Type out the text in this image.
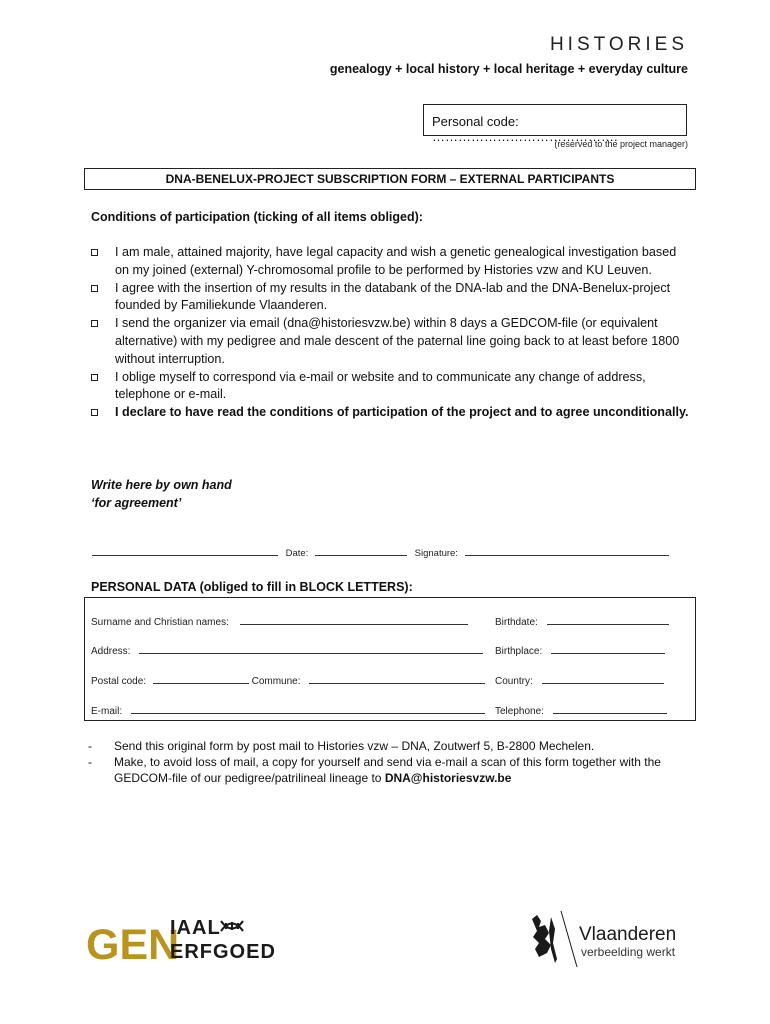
HISTORIES
genealogy + local history + local heritage + everyday culture
Personal code: …………………………………….
(reserved to the project manager)
DNA-BENELUX-PROJECT SUBSCRIPTION FORM – EXTERNAL PARTICIPANTS
Conditions of participation (ticking of all items obliged):
I am male, attained majority, have legal capacity and wish a genetic genealogical investigation based on my joined (external) Y-chromosomal profile to be performed by Histories vzw and KU Leuven.
I agree with the insertion of my results in the databank of the DNA-lab and the DNA-Benelux-project founded by Familiekunde Vlaanderen.
I send the organizer via email (dna@historiesvzw.be) within 8 days a GEDCOM-file (or equivalent alternative) with my pedigree and male descent of the paternal line going back to at least before 1800 without interruption.
I oblige myself to correspond via e-mail or website and to communicate any change of address, telephone or e-mail.
I declare to have read the conditions of participation of the project and to agree unconditionally.
Write here by own hand
‘for agreement’
Date:	Signature:
PERSONAL DATA (obliged to fill in BLOCK LETTERS):
Surname and Christian names:	Birthdate:
Address:	Birthplace:
Postal code:	Commune:	Country:
E-mail:	Telephone:
- Send this original form by post mail to Histories vzw – DNA, Zoutwerf 5, B-2800 Mechelen.
- Make, to avoid loss of mail, a copy for yourself and send via e-mail a scan of this form together with the GEDCOM-file of our pedigree/patrilineal lineage to DNA@historiesvzw.be
GEN
IAAL
ERFGOED
Vlaanderen
verbeelding werkt
